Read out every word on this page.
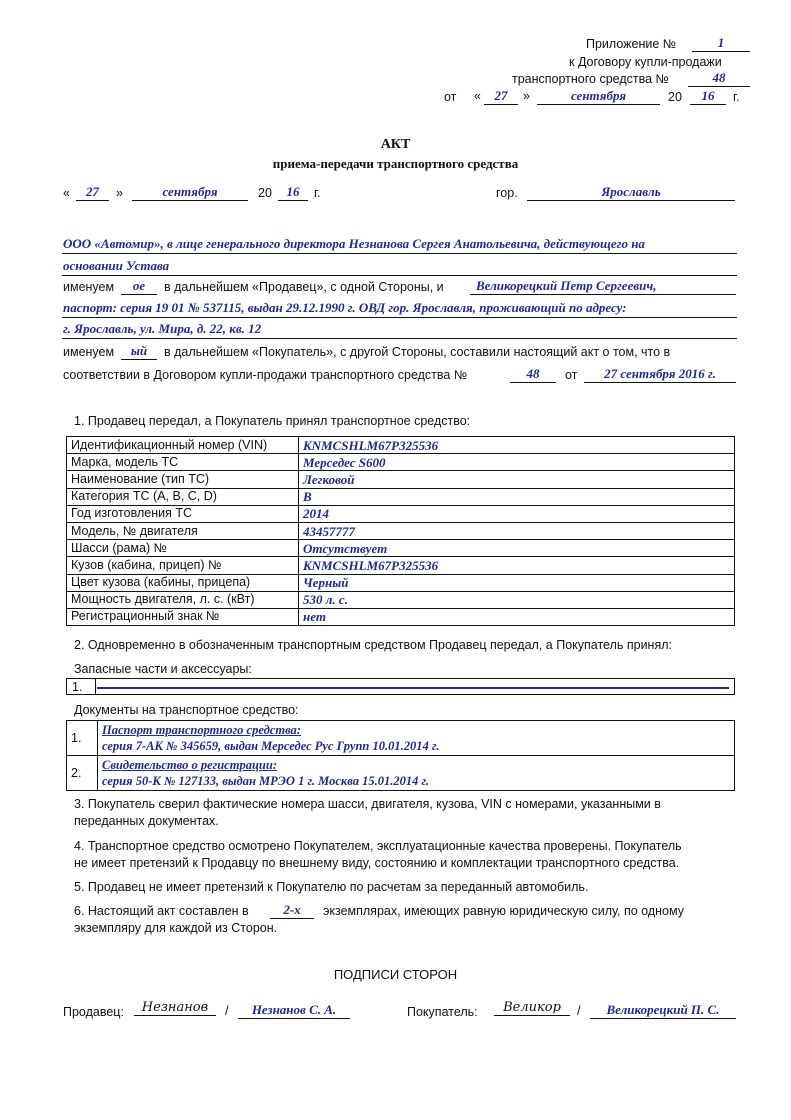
Приложение №	1
к Договору купли-продажи
транспортного средства №	48
от «	27	»	сентября	20	16	г.
АКТ
приема-передачи транспортного средства
«	27	»	сентября	20	16	г.	гор.	Ярославль
ООО «Автомир», в лице генерального директора Незнанова Сергея Анатольевича, действующего на
основании Устава
именуем	ое	в дальнейшем «Продавец», с одной Стороны, и	Великорецкий Петр Сергеевич,
паспорт: серия 19 01 № 537115, выдан 29.12.1990 г. ОВД гор. Ярославля, проживающий по адресу:
г. Ярославль, ул. Мира, д. 22, кв. 12
именуем	ый	в дальнейшем «Покупатель», с другой Стороны, составили настоящий акт о том, что в
соответствии в Договором купли-продажи транспортного средства №	48	от	27 сентября 2016 г.
1. Продавец передал, а Покупатель принял транспортное средство:
Идентификационный номер (VIN)	KNMCSHLM67P325536
Марка, модель ТС	Мерседес S600
Наименование (тип ТС)	Легковой
Категория ТС (A, B, C, D)	B
Год изготовления ТС	2014
Модель, № двигателя	43457777
Шасси (рама) №	Отсутствует
Кузов (кабина, прицеп) №	KNMCSHLM67P325536
Цвет кузова (кабины, прицепа)	Черный
Мощность двигателя, л. с. (кВт)	530 л. с.
Регистрационный знак №	нет
2. Одновременно в обозначенным транспортным средством Продавец передал, а Покупатель принял:
Запасные части и аксессуары:
1.
Документы на транспортное средство:
1.	Паспорт транспортного средства:
серия 7-АК № 345659, выдан Мерседес Рус Групп 10.01.2014 г.

2.	Свидетельство о регистрации:
серия 50-К № 127133, выдан МРЭО 1 г. Москва 15.01.2014 г.
3. Покупатель сверил фактические номера шасси, двигателя, кузова, VIN с номерами, указанными в
переданных документах.
4. Транспортное средство осмотрено Покупателем, эксплуатационные качества проверены. Покупатель
не имеет претензий к Продавцу по внешнему виду, состоянию и комплектации транспортного средства.
5. Продавец не имеет претензий к Покупателю по расчетам за переданный автомобиль.
6. Настоящий акт составлен в	2-х	экземплярах, имеющих равную юридическую силу, по одному
экземпляру для каждой из Сторон.
ПОДПИСИ СТОРОН
Продавец:	Незнанов	/	Незнанов С. А.	Покупатель:	Великор	/	Великорецкий П. С.
